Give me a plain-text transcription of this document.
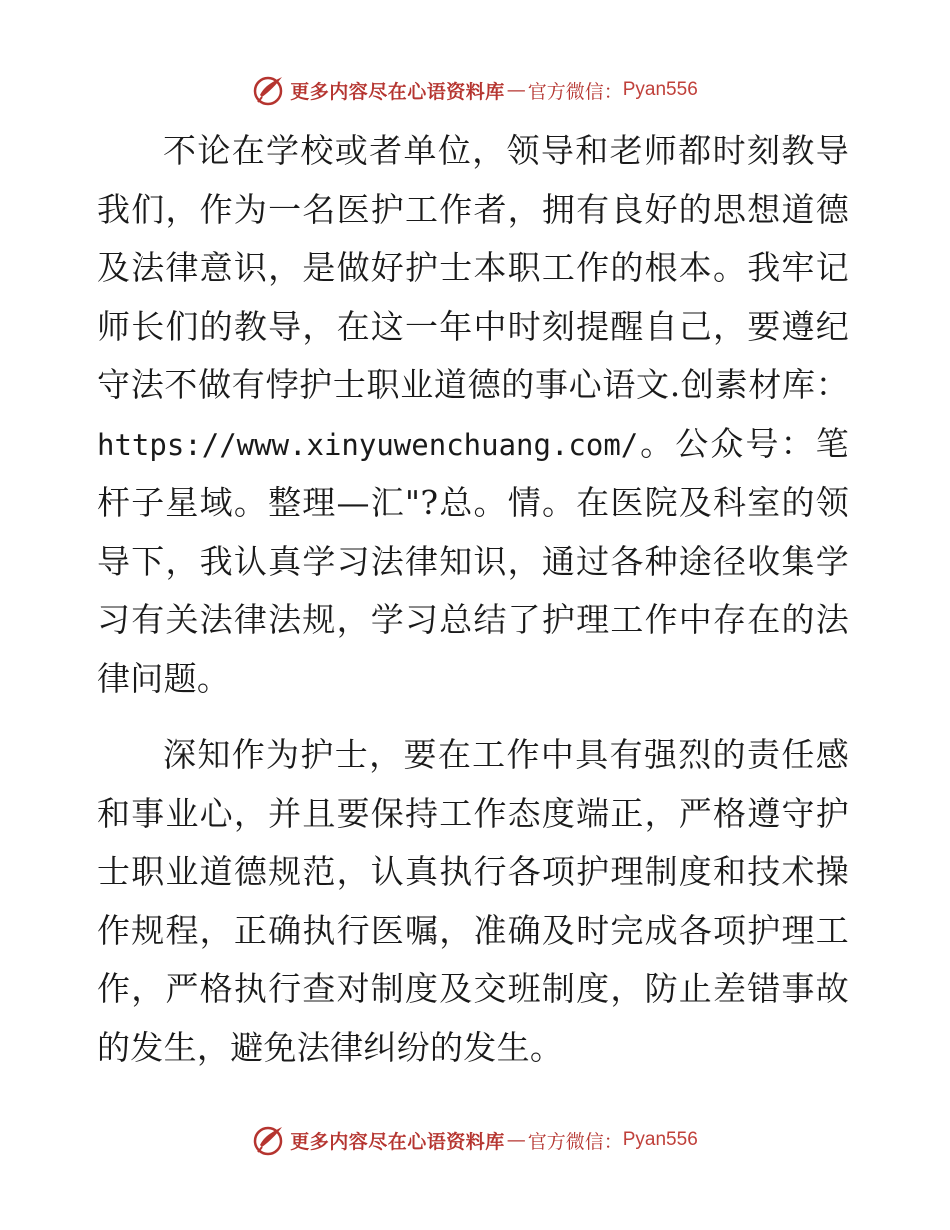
更多内容尽在心语资料库 — 官方微信： Pyan556

不论在学校或者单位，领导和老师都时刻教导我们，作为一名医护工作者，拥有良好的思想道德及法律意识，是做好护士本职工作的根本。我牢记师长们的教导，在这一年中时刻提醒自己，要遵纪守法不做有悖护士职业道德的事心语文.创素材库：https://www.xinyuwenchuang.com/。公众号：笔杆子星域。整理—汇"?总。情。在医院及科室的领导下，我认真学习法律知识，通过各种途径收集学习有关法律法规，学习总结了护理工作中存在的法律问题。

深知作为护士，要在工作中具有强烈的责任感和事业心，并且要保持工作态度端正，严格遵守护士职业道德规范，认真执行各项护理制度和技术操作规程，正确执行医嘱，准确及时完成各项护理工作，严格执行查对制度及交班制度，防止差错事故的发生，避免法律纠纷的发生。

更多内容尽在心语资料库 — 官方微信： Pyan556
